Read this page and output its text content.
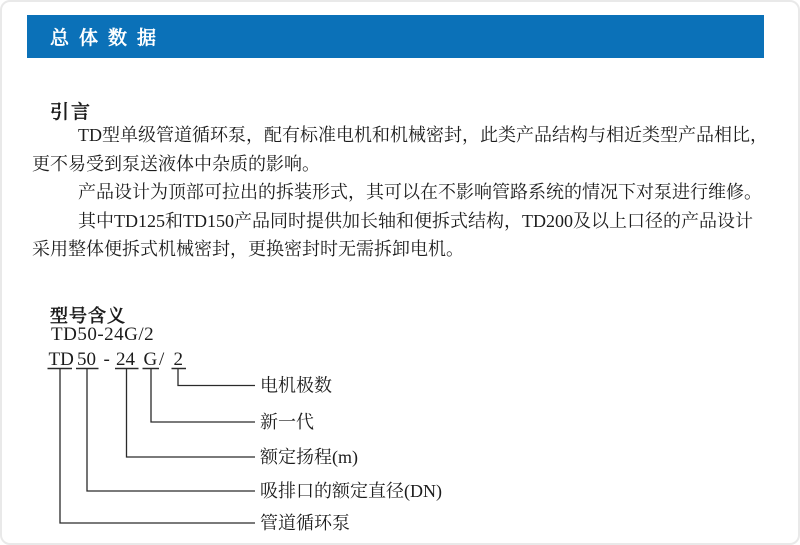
总体数据
引言

TD型单级管道循环泵，配有标准电机和机械密封，此类产品结构与相近类型产品相比，
更不易受到泵送液体中杂质的影响。

产品设计为顶部可拉出的拆装形式，其可以在不影响管路系统的情况下对泵进行维修。

其中TD125和TD150产品同时提供加长轴和便拆式结构，TD200及以上口径的产品设计
采用整体便拆式机械密封，更换密封时无需拆卸电机。

型号含义
TD50-24G/2
TD 50 - 24 G / 2
电机极数
新一代
额定扬程(m)
吸排口的额定直径(DN)
管道循环泵
